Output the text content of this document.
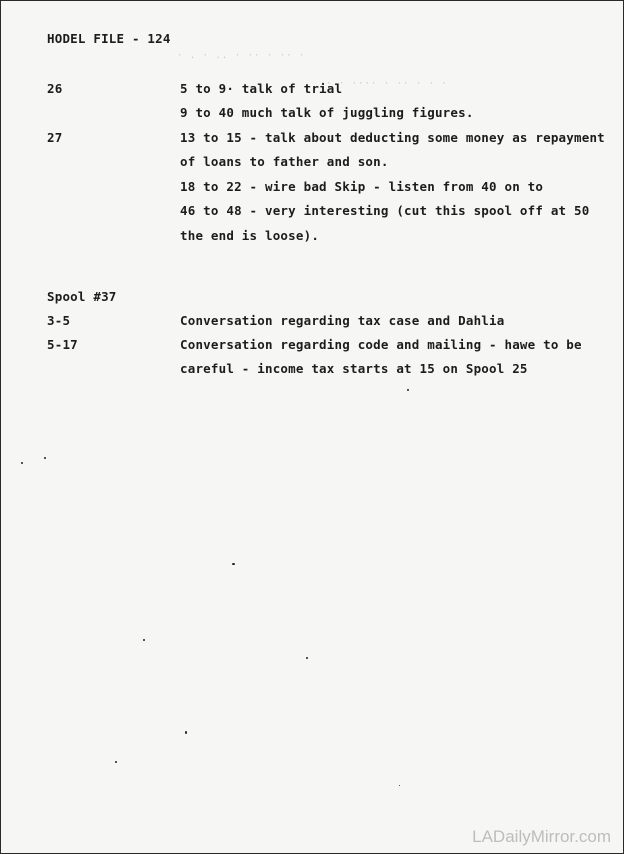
HODEL FILE - 124
· . · .. · ·· · ·· ·
· · ···· · ·· · · ·
26	5 to 9· talk of trial
9 to 40 much talk of juggling figures.
27	13 to 15 - talk about deducting some money as repayment
of loans to father and son.
18 to 22 - wire bad Skip - listen from 40 on to
46 to 48 - very interesting (cut this spool off at 50
the end is loose).
Spool #37
3-5	Conversation regarding tax case and Dahlia
5-17	Conversation regarding code and mailing - hawe to be
careful - income tax starts at 15 on Spool 25
LADailyMirror.com
